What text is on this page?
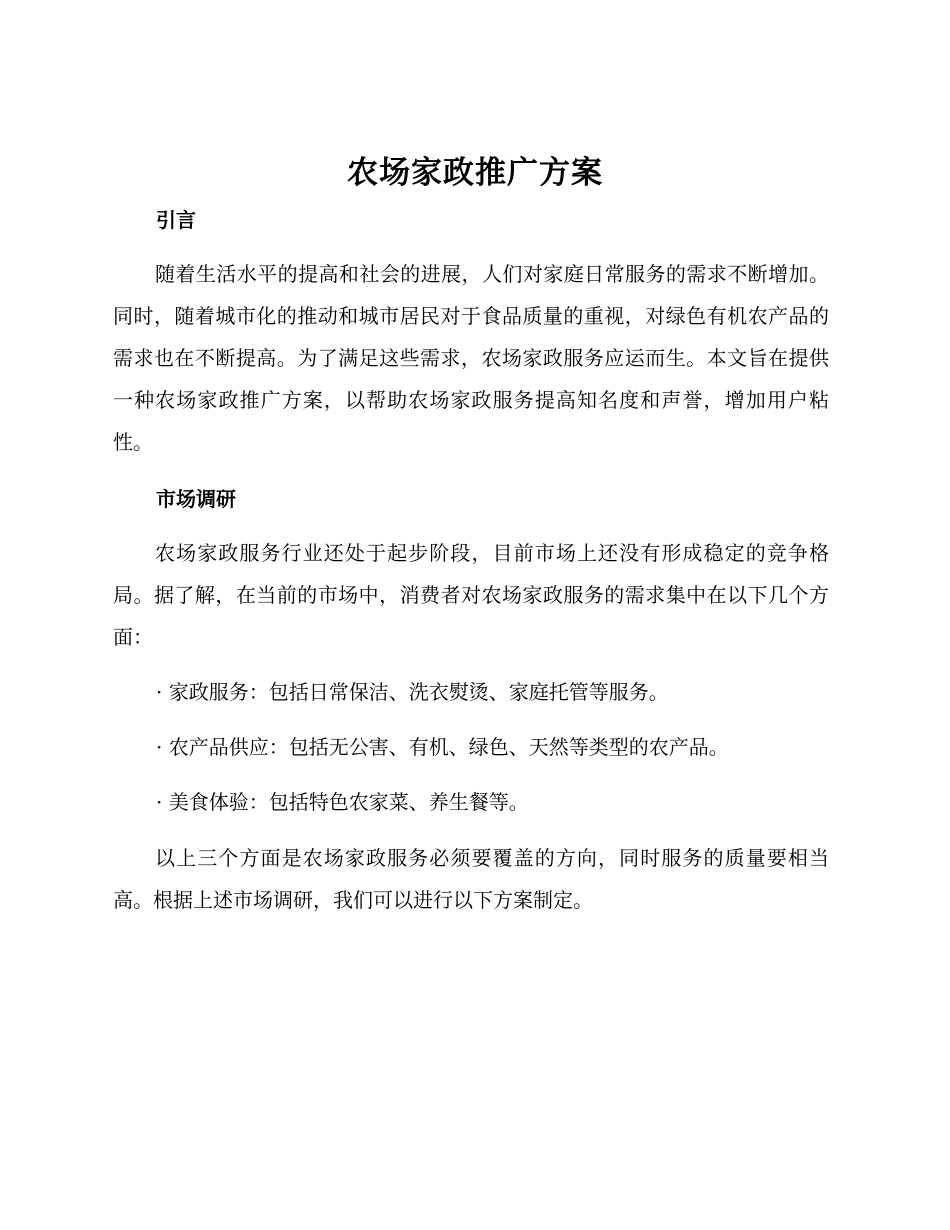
农场家政推广方案
引言

随着生活水平的提高和社会的进展，人们对家庭日常服务的需求不断增加。同时，随着城市化的推动和城市居民对于食品质量的重视，对绿色有机农产品的需求也在不断提高。为了满足这些需求，农场家政服务应运而生。本文旨在提供一种农场家政推广方案，以帮助农场家政服务提高知名度和声誉，增加用户粘性。

市场调研

农场家政服务行业还处于起步阶段，目前市场上还没有形成稳定的竞争格局。据了解，在当前的市场中，消费者对农场家政服务的需求集中在以下几个方面：

· 家政服务：包括日常保洁、洗衣熨烫、家庭托管等服务。

· 农产品供应：包括无公害、有机、绿色、天然等类型的农产品。

· 美食体验：包括特色农家菜、养生餐等。

以上三个方面是农场家政服务必须要覆盖的方向，同时服务的质量要相当高。根据上述市场调研，我们可以进行以下方案制定。
